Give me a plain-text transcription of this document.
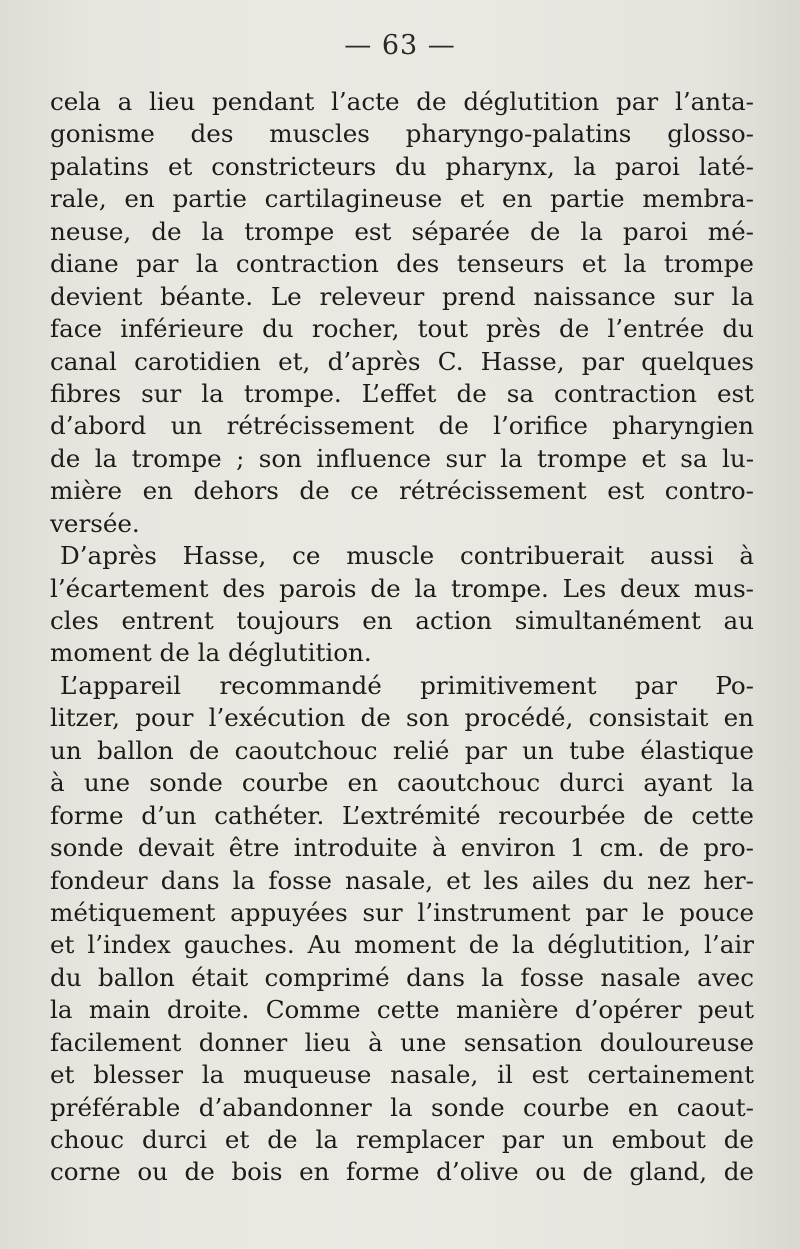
— 63 —
cela a lieu pendant l’acte de déglutition par l’anta-
gonisme des muscles pharyngo-palatins glosso-
palatins et constricteurs du pharynx, la paroi laté-
rale, en partie cartilagineuse et en partie membra-
neuse, de la trompe est séparée de la paroi mé-
diane par la contraction des tenseurs et la trompe
devient béante. Le releveur prend naissance sur la
face inférieure du rocher, tout près de l’entrée du
canal carotidien et, d’après C. Hasse, par quelques
fibres sur la trompe. L’effet de sa contraction est
d’abord un rétrécissement de l’orifice pharyngien
de la trompe ; son influence sur la trompe et sa lu-
mière en dehors de ce rétrécissement est contro-
versée.
D’après Hasse, ce muscle contribuerait aussi à
l’écartement des parois de la trompe. Les deux mus-
cles entrent toujours en action simultanément au
moment de la déglutition.
L’appareil recommandé primitivement par Po-
litzer, pour l’exécution de son procédé, consistait en
un ballon de caoutchouc relié par un tube élastique
à une sonde courbe en caoutchouc durci ayant la
forme d’un cathéter. L’extrémité recourbée de cette
sonde devait être introduite à environ 1 cm. de pro-
fondeur dans la fosse nasale, et les ailes du nez her-
métiquement appuyées sur l’instrument par le pouce
et l’index gauches. Au moment de la déglutition, l’air
du ballon était comprimé dans la fosse nasale avec
la main droite. Comme cette manière d’opérer peut
facilement donner lieu à une sensation douloureuse
et blesser la muqueuse nasale, il est certainement
préférable d’abandonner la sonde courbe en caout-
chouc durci et de la remplacer par un embout de
corne ou de bois en forme d’olive ou de gland, de
